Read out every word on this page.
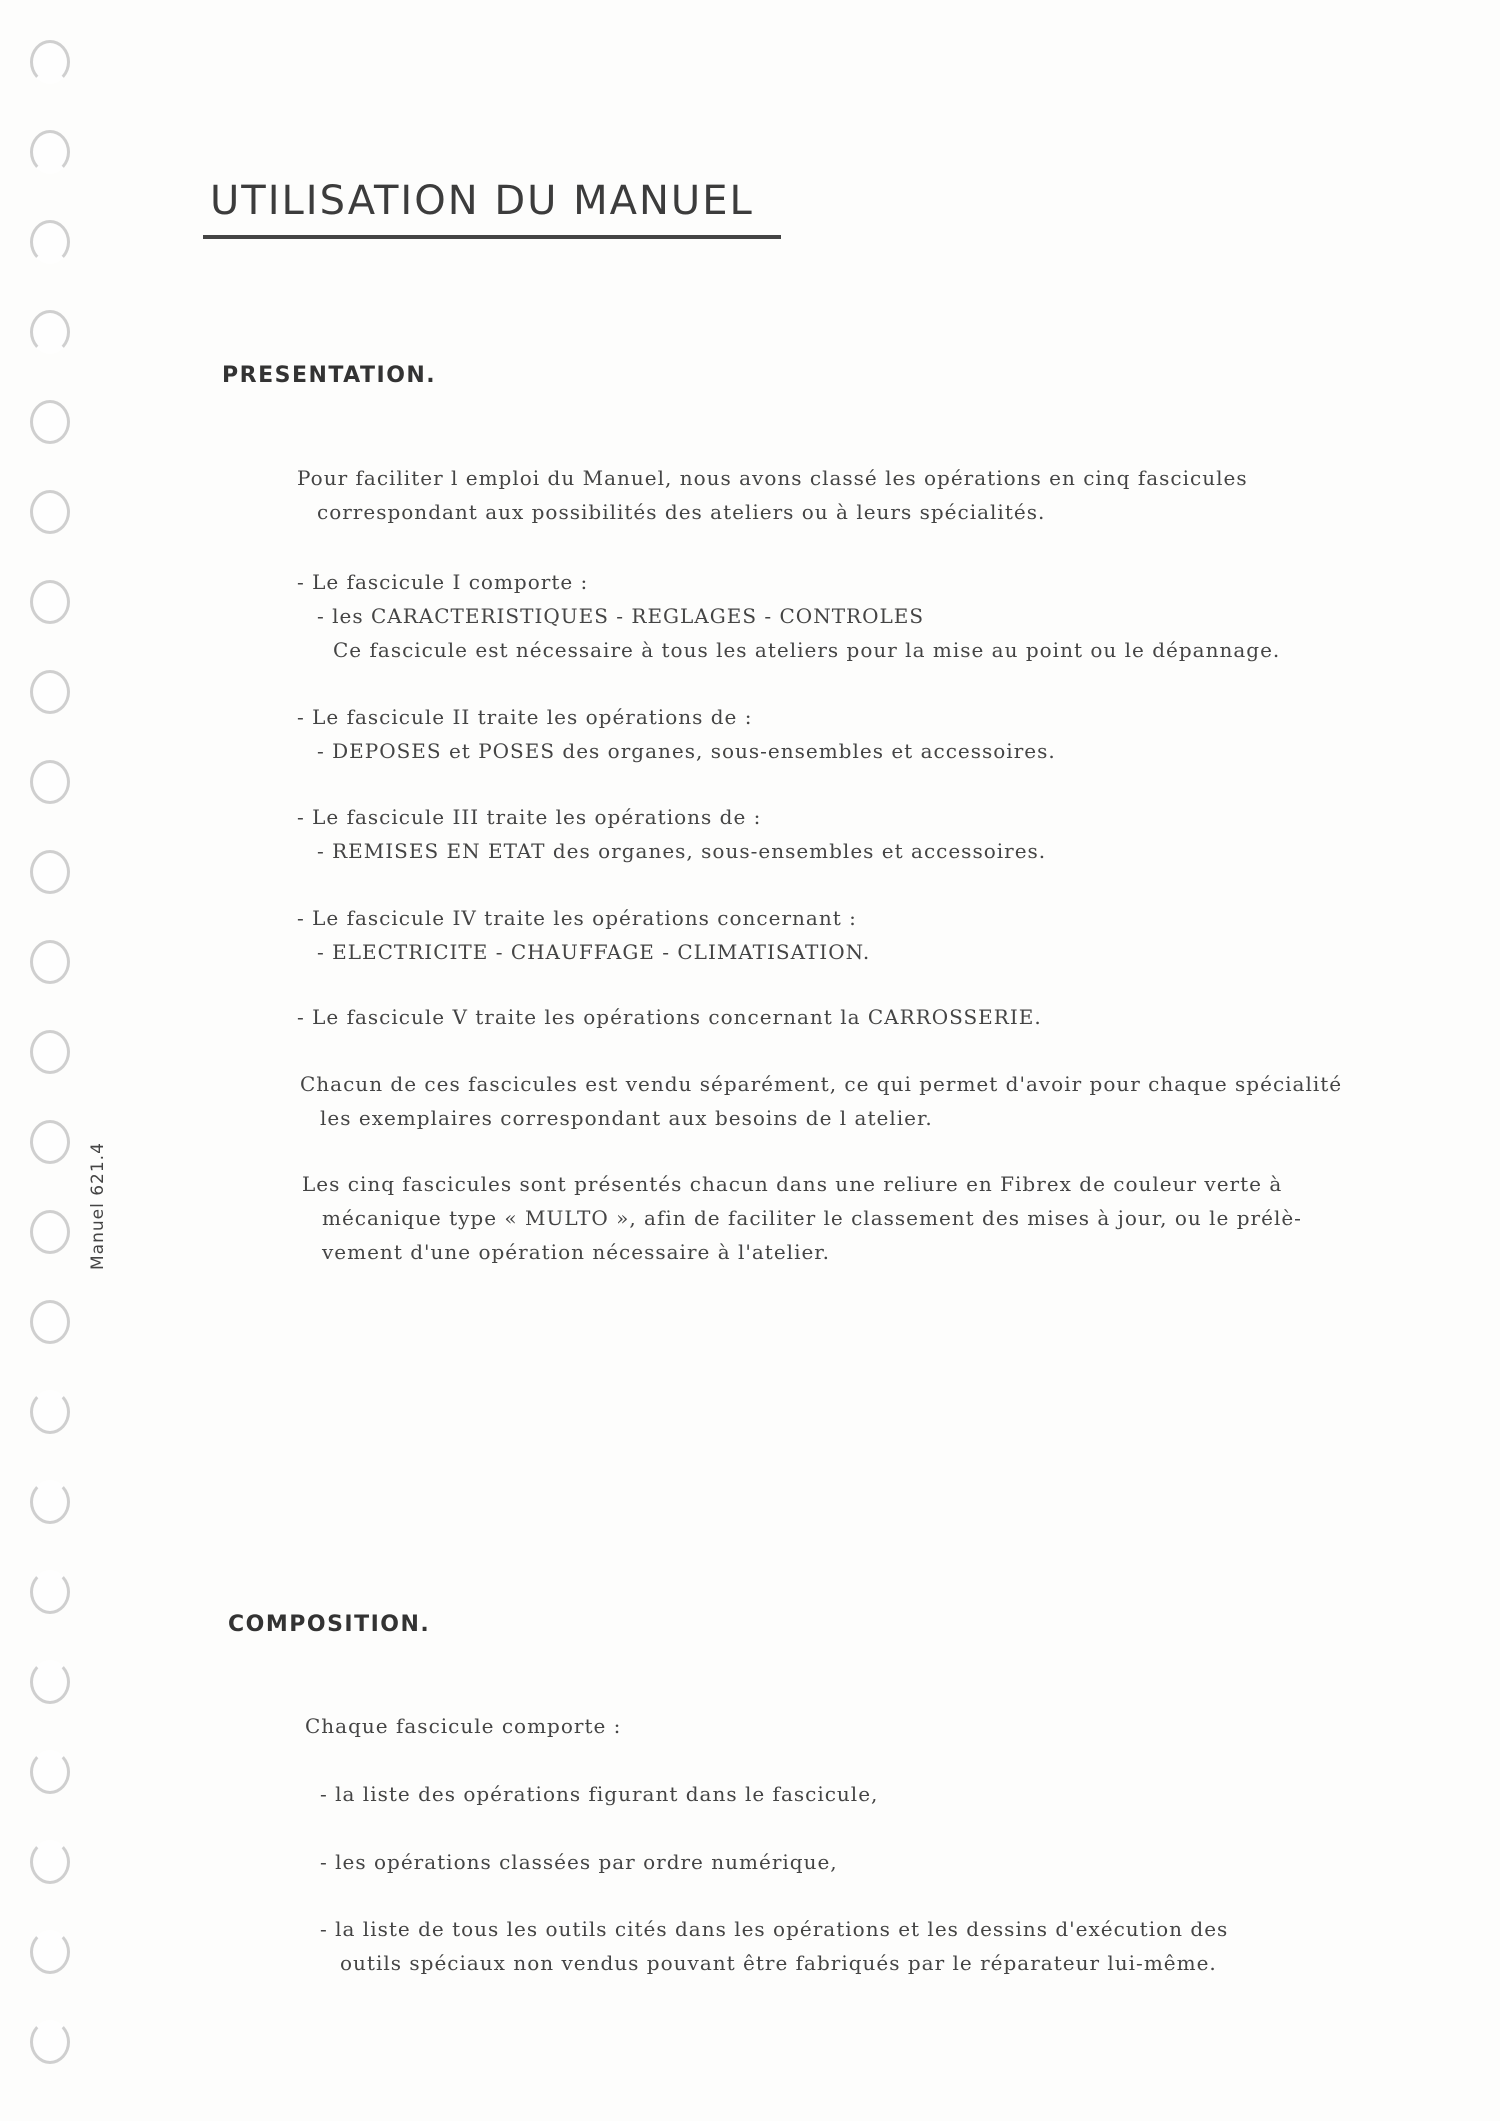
Manuel 621.4
UTILISATION DU MANUEL
PRESENTATION.
Pour faciliter l emploi du Manuel, nous avons classé les opérations en cinq fascicules
correspondant aux possibilités des ateliers ou à leurs spécialités.
- Le fascicule I comporte :
- les CARACTERISTIQUES - REGLAGES - CONTROLES
Ce fascicule est nécessaire à tous les ateliers pour la mise au point ou le dépannage.
- Le fascicule II traite les opérations de :
- DEPOSES et POSES des organes, sous-ensembles et accessoires.
- Le fascicule III traite les opérations de :
- REMISES EN ETAT des organes, sous-ensembles et accessoires.
- Le fascicule IV traite les opérations concernant :
- ELECTRICITE - CHAUFFAGE - CLIMATISATION.
- Le fascicule V traite les opérations concernant la CARROSSERIE.
Chacun de ces fascicules est vendu séparément, ce qui permet d'avoir pour chaque spécialité
les exemplaires correspondant aux besoins de l atelier.
Les cinq fascicules sont présentés chacun dans une reliure en Fibrex de couleur verte à
mécanique type « MULTO », afin de faciliter le classement des mises à jour, ou le prélè-
vement d'une opération nécessaire à l'atelier.
COMPOSITION.
Chaque fascicule comporte :
- la liste des opérations figurant dans le fascicule,
- les opérations classées par ordre numérique,
- la liste de tous les outils cités dans les opérations et les dessins d'exécution des
outils spéciaux non vendus pouvant être fabriqués par le réparateur lui-même.
